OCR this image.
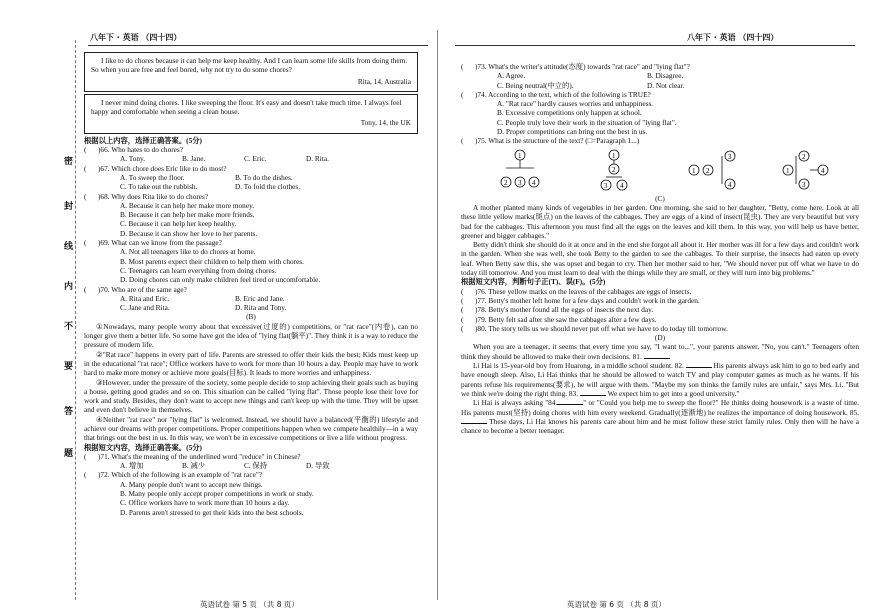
八年下 · 英语 （四十四）
密
封
线
内
不
要
答
题

I like to do chores because it can help me keep healthy. And I can learn some life skills from doing them. So when you are free and feel bored, why not try to do some chores?

Rita, 14, Australia

I never mind doing chores. I like sweeping the floor. It's easy and doesn't take much time. I always feel happy and comfortable when seeing a clean house.

Tony, 14, the UK

根据以上内容，选择正确答案。(5分)

(	)66. Who hates to do chores?
A. Tony.	B. Jane.	C. Eric.	D. Rita.
(	)67. Which chore does Eric like to do most?
A. To sweep the floor.	B. To do the dishes.
C. To take out the rubbish.	D. To fold the clothes.
(	)68. Why does Rita like to do chores?
A. Because it can help her make more money.
B. Because it can help her make more friends.
C. Because it can help her keep healthy.
D. Because it can show her love to her parents.
(	)69. What can we know from the passage?
A. Not all teenagers like to do chores at home.
B. Most parents expect their children to help them with chores.
C. Teenagers can learn everything from doing chores.
D. Doing chores can only make children feel tired or uncomfortable.
(	)70. Who are of the same age?
A. Rita and Eric.	B. Eric and Jane.
C. Jane and Rita.	D. Rita and Tony.

(B)

①Nowadays, many people worry about that excessive(过度的) competitions, or "rat race"(内卷), can no longer give them a better life. So some have got the idea of "lying flat(躺平)". They think it is a way to reduce the pressure of modern life.

②"Rat race" happens in every part of life. Parents are stressed to offer their kids the best; Kids must keep up in the educational "rat race"; Office workers have to work for more than 10 hours a day. People may have to work hard to make more money or achieve more goals(目标). It leads to more worries and unhappiness.

③However, under the pressure of the society, some people decide to stop achieving their goals such as buying a house, getting good grades and so on. This situation can be called "lying flat". Those people lose their love for work and study. Besides, they don't want to accept new things and can't keep up with the time. They will be upset and even don't believe in themselves.

④Neither "rat race" nor "lying flat" is welcomed. Instead, we should have a balanced(平衡的) lifestyle and achieve our dreams with proper competitions. Proper competitions happen when we compete healthily—in a way that brings out the best in us. In this way, we won't be in excessive competitions or live a life without progress.

根据短文内容，选择正确答案。(5分)

(	)71. What's the meaning of the underlined word "reduce" in Chinese?
A. 增加	B. 减少	C. 保持	D. 导致
(	)72. Which of the following is an example of "rat race"?
A. Many people don't want to accept new things.
B. Many people only accept proper competitions in work or study.
C. Office workers have to work more than 10 hours a day.
D. Parents aren't stressed to get their kids into the best schools.
英语试卷 第 5 页 （共 8 页）
八年下 · 英语 （四十四）
(	)73. What's the writer's attitude(态度) towards "rat race" and "lying flat"?
A. Agree.	B. Disagree.
C. Being neutral(中立的).	D. Not clear.
(	)74. According to the text, which of the following is TRUE?
A. "Rat race" hardly causes worries and unhappiness.
B. Excessive competitions only happen at school.
C. People truly love their work in the situation of "lying flat".
D. Proper competitions can bring out the best in us.
(	)75. What is the structure of the text? (□=Paragraph 1...)
1
2 3 4
1
2
3 4
1 2
3
4
1
2
3
4

(C)

A mother planted many kinds of vegetables in her garden. One morning, she said to her daughter, "Betty, come here. Look at all these little yellow marks(斑点) on the leaves of the cabbages. They are eggs of a kind of insect(昆虫). They are very beautiful but very bad for the cabbages. This afternoon you must find all the eggs on the leaves and kill them. In this way, you will help us have better, greener and bigger cabbages."

Betty didn't think she should do it at once and in the end she forgot all about it. Her mother was ill for a few days and couldn't work in the garden. When she was well, she took Betty to the garden to see the cabbages. To their surprise, the insects had eaten up every leaf. When Betty saw this, she was upset and began to cry. Then her mother said to her, "We should never put off what we have to do today till tomorrow. And you must learn to deal with the things while they are small, or they will turn into big problems."

根据短文内容，判断句子正(T)、误(F)。(5分)

(	)76. These yellow marks on the leaves of the cabbages are eggs of insects.
(	)77. Betty's mother left home for a few days and couldn't work in the garden.
(	)78. Betty's mother found all the eggs of insects the next day.
(	)79. Betty felt sad after she saw the cabbages after a few days.
(	)80. The story tells us we should never put off what we have to do today till tomorrow.

(D)

When you are a teenager, it seems that every time you say, "I want to...", your parents answer, "No, you can't." Teenagers often think they should be allowed to make their own decisions. 81.

Li Hai is 15-year-old boy from Huarong, in a middle school student. 82.	His parents always ask him to go to bed early and have enough sleep. Also, Li Hai thinks that he should be allowed to watch TV and play computer games as much as he wants. If his parents refuse his requirements(要求), he will argue with them. "Maybe my son thinks the family rules are unfair," says Mrs. Li. "But we think we're doing the right thing. 83.	We expect him to get into a good university."

Li Hai is always asking "84.	" or "Could you help me to sweep the floor?" He thinks doing housework is a waste of time. His parents must(坚持) doing chores with him every weekend. Gradually(逐渐地) he realizes the importance of doing housework. 85.  These days, Li Hai knows his parents care about him and he must follow these strict family rules. Only then will he have a chance to become a better teenager.

英语试卷 第 6 页 （共 8 页）
